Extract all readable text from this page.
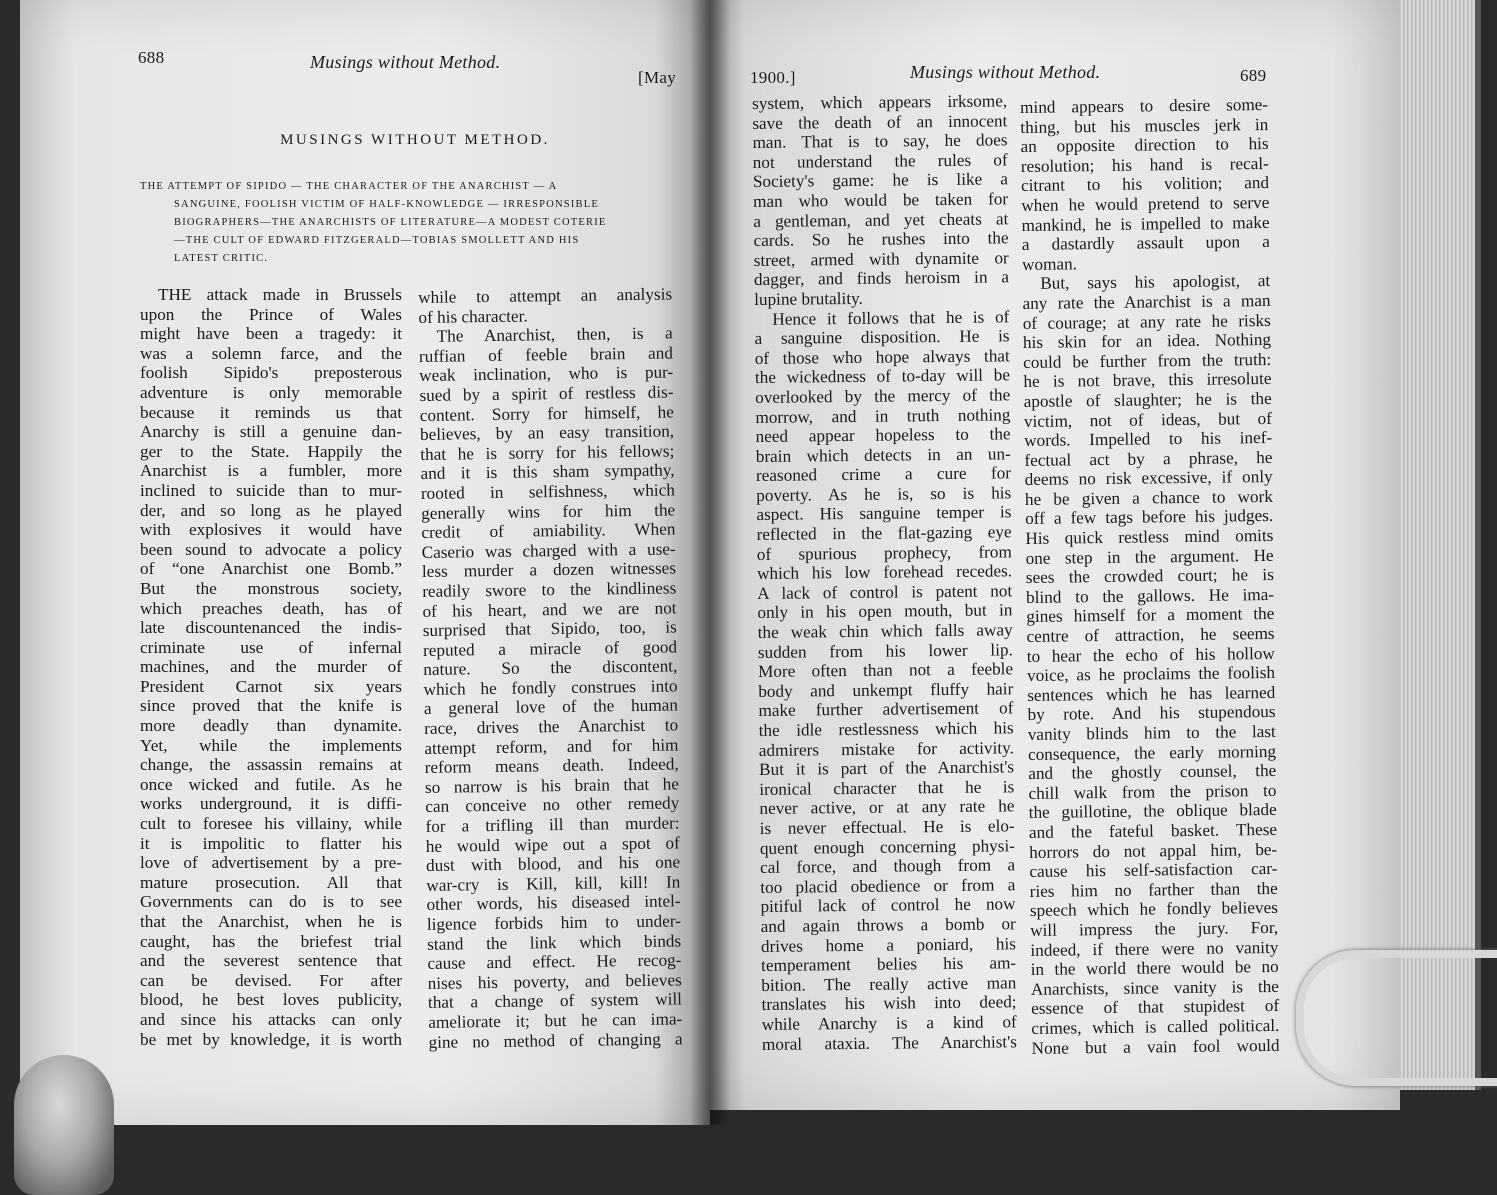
688	Musings without Method.
[May	1900.]	Musings without Method.	689
MUSINGS WITHOUT METHOD.
THE ATTEMPT OF SIPIDO — THE CHARACTER OF THE ANARCHIST — A
SANGUINE, FOOLISH VICTIM OF HALF-KNOWLEDGE — IRRESPONSIBLE
BIOGRAPHERS—THE ANARCHISTS OF LITERATURE—A MODEST COTERIE
—THE CULT OF EDWARD FITZGERALD—TOBIAS SMOLLETT AND HIS
LATEST CRITIC.
THE attack made in Brussels
upon the Prince of Wales
might have been a tragedy: it
was a solemn farce, and the
foolish Sipido's preposterous
adventure is only memorable
because it reminds us that
Anarchy is still a genuine dan-
ger to the State. Happily the
Anarchist is a fumbler, more
inclined to suicide than to mur-
der, and so long as he played
with explosives it would have
been sound to advocate a policy
of “one Anarchist one Bomb.”
But the monstrous society,
which preaches death, has of
late discountenanced the indis-
criminate use of infernal
machines, and the murder of
President Carnot six years
since proved that the knife is
more deadly than dynamite.
Yet, while the implements
change, the assassin remains at
once wicked and futile. As he
works underground, it is diffi-
cult to foresee his villainy, while
it is impolitic to flatter his
love of advertisement by a pre-
mature prosecution. All that
Governments can do is to see
that the Anarchist, when he is
caught, has the briefest trial
and the severest sentence that
can be devised. For after
blood, he best loves publicity,
and since his attacks can only
be met by knowledge, it is worth
while to attempt an analysis
of his character.
The Anarchist, then, is a
ruffian of feeble brain and
weak inclination, who is pur-
sued by a spirit of restless dis-
content. Sorry for himself, he
believes, by an easy transition,
that he is sorry for his fellows;
and it is this sham sympathy,
rooted in selfishness, which
generally wins for him the
credit of amiability. When
Caserio was charged with a use-
less murder a dozen witnesses
readily swore to the kindliness
of his heart, and we are not
surprised that Sipido, too, is
reputed a miracle of good
nature. So the discontent,
which he fondly construes into
a general love of the human
race, drives the Anarchist to
attempt reform, and for him
reform means death. Indeed,
so narrow is his brain that he
can conceive no other remedy
for a trifling ill than murder:
he would wipe out a spot of
dust with blood, and his one
war-cry is Kill, kill, kill! In
other words, his diseased intel-
ligence forbids him to under-
stand the link which binds
cause and effect. He recog-
nises his poverty, and believes
that a change of system will
ameliorate it; but he can ima-
gine no method of changing a
system, which appears irksome,
save the death of an innocent
man. That is to say, he does
not understand the rules of
Society's game: he is like a
man who would be taken for
a gentleman, and yet cheats at
cards. So he rushes into the
street, armed with dynamite or
dagger, and finds heroism in a
lupine brutality.
Hence it follows that he is of
a sanguine disposition. He is
of those who hope always that
the wickedness of to-day will be
overlooked by the mercy of the
morrow, and in truth nothing
need appear hopeless to the
brain which detects in an un-
reasoned crime a cure for
poverty. As he is, so is his
aspect. His sanguine temper is
reflected in the flat-gazing eye
of spurious prophecy, from
which his low forehead recedes.
A lack of control is patent not
only in his open mouth, but in
the weak chin which falls away
sudden from his lower lip.
More often than not a feeble
body and unkempt fluffy hair
make further advertisement of
the idle restlessness which his
admirers mistake for activity.
But it is part of the Anarchist's
ironical character that he is
never active, or at any rate he
is never effectual. He is elo-
quent enough concerning physi-
cal force, and though from a
too placid obedience or from a
pitiful lack of control he now
and again throws a bomb or
drives home a poniard, his
temperament belies his am-
bition. The really active man
translates his wish into deed;
while Anarchy is a kind of
moral ataxia. The Anarchist's
mind appears to desire some-
thing, but his muscles jerk in
an opposite direction to his
resolution; his hand is recal-
citrant to his volition; and
when he would pretend to serve
mankind, he is impelled to make
a dastardly assault upon a
woman.
But, says his apologist, at
any rate the Anarchist is a man
of courage; at any rate he risks
his skin for an idea. Nothing
could be further from the truth:
he is not brave, this irresolute
apostle of slaughter; he is the
victim, not of ideas, but of
words. Impelled to his inef-
fectual act by a phrase, he
deems no risk excessive, if only
he be given a chance to work
off a few tags before his judges.
His quick restless mind omits
one step in the argument. He
sees the crowded court; he is
blind to the gallows. He ima-
gines himself for a moment the
centre of attraction, he seems
to hear the echo of his hollow
voice, as he proclaims the foolish
sentences which he has learned
by rote. And his stupendous
vanity blinds him to the last
consequence, the early morning
and the ghostly counsel, the
chill walk from the prison to
the guillotine, the oblique blade
and the fateful basket. These
horrors do not appal him, be-
cause his self-satisfaction car-
ries him no farther than the
speech which he fondly believes
will impress the jury. For,
indeed, if there were no vanity
in the world there would be no
Anarchists, since vanity is the
essence of that stupidest of
crimes, which is called political.
None but a vain fool would
